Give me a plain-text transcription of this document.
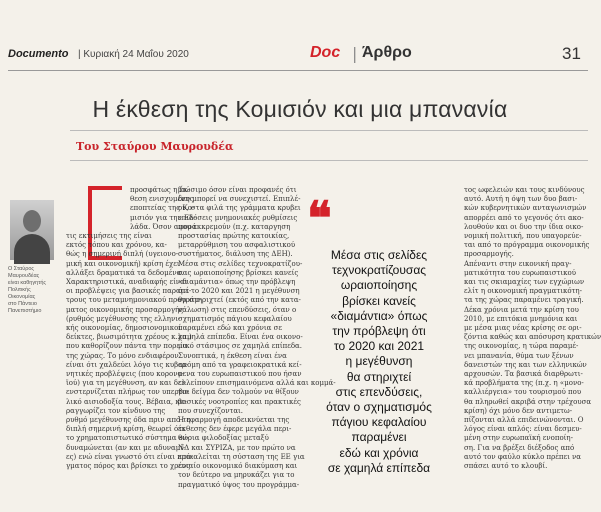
Documento | Κυριακή 24 Μαΐου 2020	Doc | Άρθρο	31
Η έκθεση της Κομισιόν και μια μπανανία
Του Σταύρου Μαυρουδέα
Ο Σταύρος
Μαυρουδέας
είναι καθηγητής
Πολιτικής
Οικονομίας
στο Πάντειο
Πανεπιστήμιο
προσφάτως η έκ-
θεση ενισχυμένης
εποπτείας της Κο-
μισιόν για την Ελ-
λάδα. Όσον αφορά
τις εκτιμήσεις της είναι
εκτός τόπου και χρόνου, κα-
θώς η σημερινή διπλή (υγειονο-
μική και οικονομική) κρίση έχει
αλλάξει δραματικά τα δεδομένα.
Χαρακτηριστικά, αναδιαφής είναι
οι προβλέψεις για βασικές παραμέ-
τρους του μεταμνημονιακού προγράμ-
ματος οικονομικής προσαρμογής
(ρυθμός μεγέθυνσης της ελληνι-
κής οικονομίας, δημοσιονομικοί
δείκτες, βιωσιμότητα χρέους κ.λπ.)
που καθορίζουν πάντα την πορεία
της χώρας. Το μόνο ενδιαφέρον
είναι ότι χαλδεύει λόγο τις κυβερ-
νητικές προβλέψεις (που κορονο-
ϊού) για τη μεγέθυνση, αν και δεν
ενστερνίζεται πλήρως τον υπερβο-
λικό αισιοδοξία τους. Βέβαια, κα-
ραγγωρίζει τον κίνδυνο της
ρυθμό μεγέθυνσης όδα πριν από τη
διπλή σημερινή κρίση, θεωρεί ότι
το χρηματοπιστωτικό σύστημα εν-
δυναμώνεται (αν και με αδυναμί-
ες) ενώ είναι γνωστό ότι είναι πρά-
γματος πόρος και βρίσκει το χρέος
βιώσιμο όσον είναι προφανές ότι
δεν μπορεί να συνεχιστεί. Επιπλέ-
ον, στα φιλά της γράμματα κρυβει
επιδόσεις μνημονιακές ρυθμίσεις
που εκκρεμούν (π.χ. καταργηση
προστασίας πρώτης κατοικίας,
μεταρρύθμιση του ασφαλιστικού
συστήματος, διάλυση της ΔΕΗ).
Μέσα στις σελίδες τεχνοκρατίζου-
σας ωραιοποίησης βρίσκει κανείς
«διαμάντια» όπως την πρόβλεψη
ότι το 2020 και 2021 η μεγέθυνση
θα στηριχτεί (εκτός από την κατα-
νάλωση) στις επενδύσεις, όταν ο
σχηματισμός πάγιου κεφαλαίου
παραμένει εδώ και χρόνια σε
χαμηλά επίπεδα. Είναι ένα οικονο-
μικό στάσιμος σε χαμηλά επίπεδα.
Συνοπτικά, η έκθεση είναι ένα
ακόμη από τα γραφειοκρατικά κεί-
μενα του ευρωπαιστικού που ήσαν
ελλείπουν επισημαινόμενα αλλά και κομμά-
τια δείγμα δεν τολμούν να θίξουν
βασικές νοοτροπίες και πρακτικές
που συνεχίζονται.
Η εφαρμογή αποδεικνύεται της
έκθεσης δεν έφερε μεγάλα περι-
θώρια φιλοδοξίας μεταξύ
ΝΔ και ΣΥΡΙΖΑ, με τον πρώτο να
επικαλείται τη σύσταση της ΕΕ για
ενιαίο οικονομικό διακύμαση και
τον δεύτερο να μηρυκάζει για το
πραγματικό ύψος του προγράμμα-
❝
Μέσα στις σελίδες
τεχνοκρατίζουσας
ωραιοποίησης
βρίσκει κανείς
«διαμάντια» όπως
την πρόβλεψη ότι
το 2020 και 2021
η μεγέθυνση
θα στηριχτεί
στις επενδύσεις,
όταν ο σχηματισμός
πάγιου κεφαλαίου
παραμένει
εδώ και χρόνια
σε χαμηλά επίπεδα
τος ωφελειών και τους κινδύνους
αυτό. Αυτή η όψη των δυο βασι-
κών κυβερνητικών ανταγωνισμών
απορρέει από το γεγονός ότι ακο-
λουθούν και οι δυο την ίδια οικο-
νομική πολιτική, που υπαγορεύε-
ται από το πρόγραμμα οικονομικής
προσαρμογής.
Απέναντι στην εικονική πραγ-
ματικότητα του ευρωπαιστικού
και τις σκιαμαχίες των εγχώριων
ελίτ η οικονομική πραγματικότη-
τα της χώρας παραμένει τραγική.
Δέκα χρόνια μετά την κρίση του
2010, με επιτόκια μνημόνια και
με μέσα μιας νέας κρίσης σε ορι-
ζόντια καθώς και απόσυρση κρατικών
της οικονομίας, η τώρα παραμέ-
νει μπανανία, θύμα των ξένων
δανειστών της και των ελληνικών
αρχουσών. Τα βασικά διαρθρωτι-
κά προβλήματα της (π.χ. η «μονο-
καλλιέργεια» του τουρισμού που
θα πληρωθεί ακριβά στην τρέχουσα
κρίση) όχι μόνο δεν αντιμετω-
πίζονται αλλά επιδεινώνονται. Ο
λόγος είναι απλός: είναι δεσμευ-
μένη στην ευρωπαϊκή ενοποίη-
ση. Για να βρέξει διέξοδος από
αυτό τον φαύλο κύκλο πρέπει να
σπάσει αυτό το κλουβί.
